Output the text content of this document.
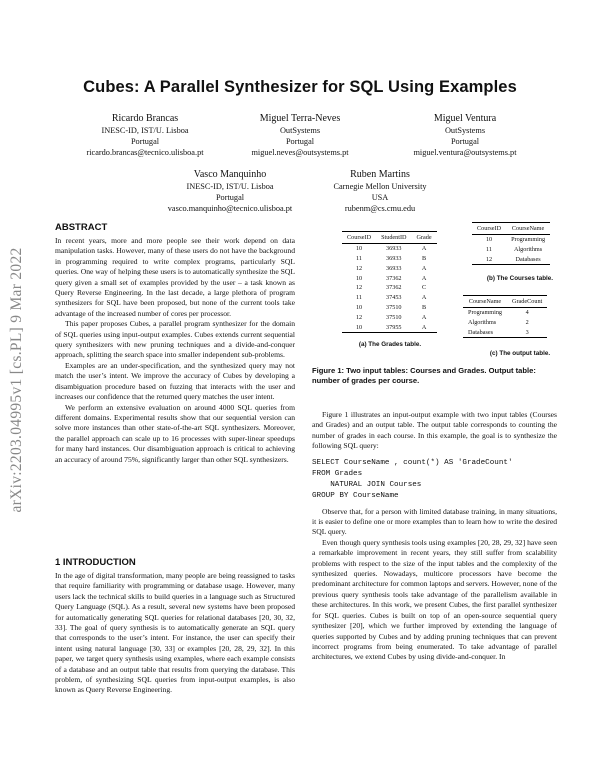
arXiv:2203.04995v1 [cs.PL] 9 Mar 2022
Cubes: A Parallel Synthesizer for SQL Using Examples
Ricardo Brancas
INESC-ID, IST/U. Lisboa
Portugal
ricardo.brancas@tecnico.ulisboa.pt
Miguel Terra-Neves
OutSystems
Portugal
miguel.neves@outsystems.pt
Miguel Ventura
OutSystems
Portugal
miguel.ventura@outsystems.pt
Vasco Manquinho
INESC-ID, IST/U. Lisboa
Portugal
vasco.manquinho@tecnico.ulisboa.pt
Ruben Martins
Carnegie Mellon University
USA
rubenm@cs.cmu.edu
ABSTRACT

In recent years, more and more people see their work depend on data manipulation tasks. However, many of these users do not have the background in programming required to write complex programs, particularly SQL queries. One way of helping these users is to automatically synthesize the SQL query given a small set of examples provided by the user – a task known as Query Reverse Engineering. In the last decade, a large plethora of program synthesizers for SQL have been proposed, but none of the current tools take advantage of the increased number of cores per processor.

This paper proposes Cubes, a parallel program synthesizer for the domain of SQL queries using input-output examples. Cubes extends current sequential query synthesizers with new pruning techniques and a divide-and-conquer approach, splitting the search space into smaller independent sub-problems.

Examples are an under-specification, and the synthesized query may not match the user’s intent. We improve the accuracy of Cubes by developing a disambiguation procedure based on fuzzing that interacts with the user and increases our confidence that the returned query matches the user intent.

We perform an extensive evaluation on around 4000 SQL queries from different domains. Experimental results show that our sequential version can solve more instances than other state-of-the-art SQL synthesizers. Moreover, the parallel approach can scale up to 16 processes with super-linear speedups for many hard instances. Our disambiguation approach is critical to achieving an accuracy of around 75%, significantly larger than other SQL synthesizers.

1 INTRODUCTION

In the age of digital transformation, many people are being reassigned to tasks that require familiarity with programming or database usage. However, many users lack the technical skills to build queries in a language such as Structured Query Language (SQL). As a result, several new systems have been proposed for automatically generating SQL queries for relational databases [20, 30, 32, 33]. The goal of query synthesis is to automatically generate an SQL query that corresponds to the user’s intent. For instance, the user can specify their intent using natural language [30, 33] or examples [20, 28, 29, 32]. In this paper, we target query synthesis using examples, where each example consists of a database and an output table that results from querying the database. This problem, of synthesizing SQL queries from input-output examples, is also known as Query Reverse Engineering.

CourseID	StudentID	Grade
10	36933	A
11	36933	B
12	36933	A
10	37362	A
12	37362	C
11	37453	A
10	37510	B
12	37510	A
10	37955	A
(a) The Grades table.
CourseID	CourseName
10	Programming
11	Algorithms
12	Databases
(b) The Courses table.
CourseName	GradeCount
Programming	4
Algorithms	2
Databases	3
(c) The output table.
Figure 1: Two input tables: Courses and Grades. Output table: number of grades per course.

Figure 1 illustrates an input-output example with two input tables (Courses and Grades) and an output table. The output table corresponds to counting the number of grades in each course. In this example, the goal is to synthesize the following SQL query:

SELECT CourseName , count(*) AS 'GradeCount'
FROM Grades
NATURAL JOIN Courses
GROUP BY CourseName

Observe that, for a person with limited database training, in many situations, it is easier to define one or more examples than to learn how to write the desired SQL query.

Even though query synthesis tools using examples [20, 28, 29, 32] have seen a remarkable improvement in recent years, they still suffer from scalability problems with respect to the size of the input tables and the complexity of the synthesized queries. Nowadays, multicore processors have become the predominant architecture for common laptops and servers. However, none of the previous query synthesis tools take advantage of the parallelism available in these architectures. In this work, we present Cubes, the first parallel synthesizer for SQL queries. Cubes is built on top of an open-source sequential query synthesizer [20], which we further improved by extending the language of queries supported by Cubes and by adding pruning techniques that can prevent incorrect programs from being enumerated. To take advantage of parallel architectures, we extend Cubes by using divide-and-conquer. In
